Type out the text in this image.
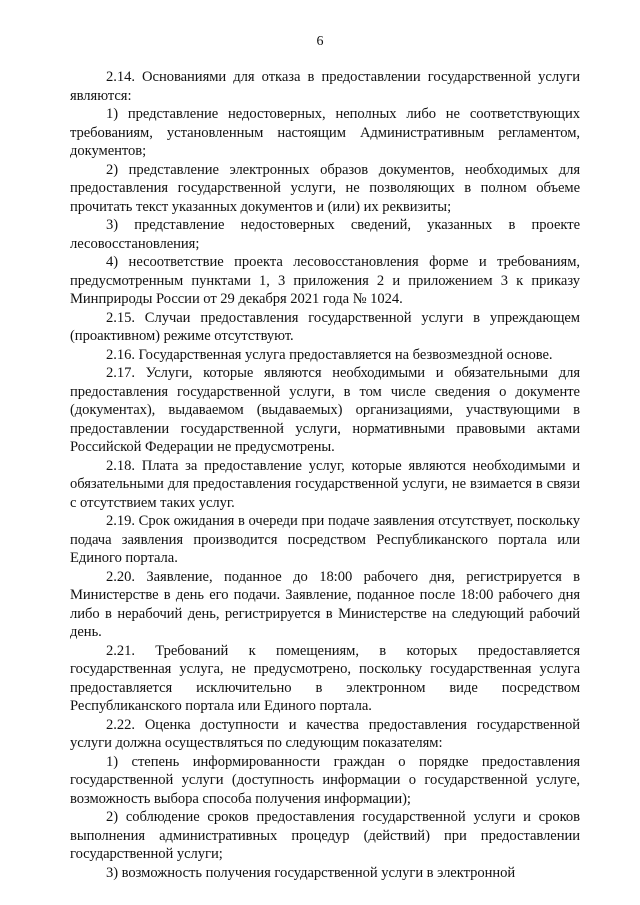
6

2.14. Основаниями для отказа в предоставлении государственной услуги являются:

1) представление недостоверных, неполных либо не соответствующих требованиям, установленным настоящим Административным регламентом, документов;

2) представление электронных образов документов, необходимых для предоставления государственной услуги, не позволяющих в полном объеме прочитать текст указанных документов и (или) их реквизиты;

3) представление недостоверных сведений, указанных в проекте лесовосстановления;

4) несоответствие проекта лесовосстановления форме и требованиям, предусмотренным пунктами 1, 3 приложения 2 и приложением 3 к приказу Минприроды России от 29 декабря 2021 года № 1024.

2.15. Случаи предоставления государственной услуги в упреждающем (проактивном) режиме отсутствуют.

2.16. Государственная услуга предоставляется на безвозмездной основе.

2.17. Услуги, которые являются необходимыми и обязательными для предоставления государственной услуги, в том числе сведения о документе (документах), выдаваемом (выдаваемых) организациями, участвующими в предоставлении государственной услуги, нормативными правовыми актами Российской Федерации не предусмотрены.

2.18. Плата за предоставление услуг, которые являются необходимыми и обязательными для предоставления государственной услуги, не взимается в связи с отсутствием таких услуг.

2.19. Срок ожидания в очереди при подаче заявления отсутствует, поскольку подача заявления производится посредством Республиканского портала или Единого портала.

2.20. Заявление, поданное до 18:00 рабочего дня, регистрируется в Министерстве в день его подачи. Заявление, поданное после 18:00 рабочего дня либо в нерабочий день, регистрируется в Министерстве на следующий рабочий день.

2.21. Требований к помещениям, в которых предоставляется государственная услуга, не предусмотрено, поскольку государственная услуга предоставляется исключительно в электронном виде посредством Республиканского портала или Единого портала.

2.22. Оценка доступности и качества предоставления государственной услуги должна осуществляться по следующим показателям:

1) степень информированности граждан о порядке предоставления государственной услуги (доступность информации о государственной услуге, возможность выбора способа получения информации);

2) соблюдение сроков предоставления государственной услуги и сроков выполнения административных процедур (действий) при предоставлении государственной услуги;

3) возможность получения государственной услуги в электронной
